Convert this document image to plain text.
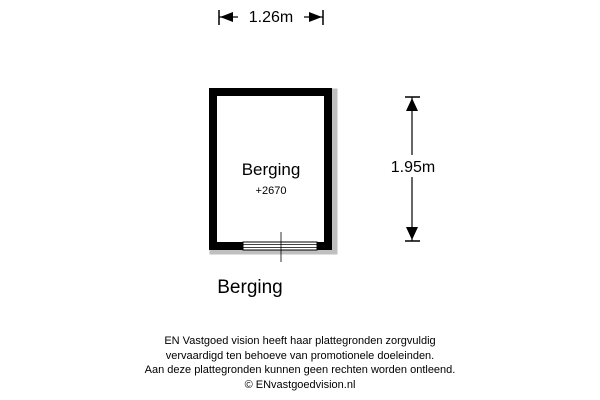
1.26m
1.95m
Berging
+2670
Berging
EN Vastgoed vision heeft haar plattegronden zorgvuldig
vervaardigd ten behoeve van promotionele doeleinden.
Aan deze plattegronden kunnen geen rechten worden ontleend.
© ENvastgoedvision.nl
